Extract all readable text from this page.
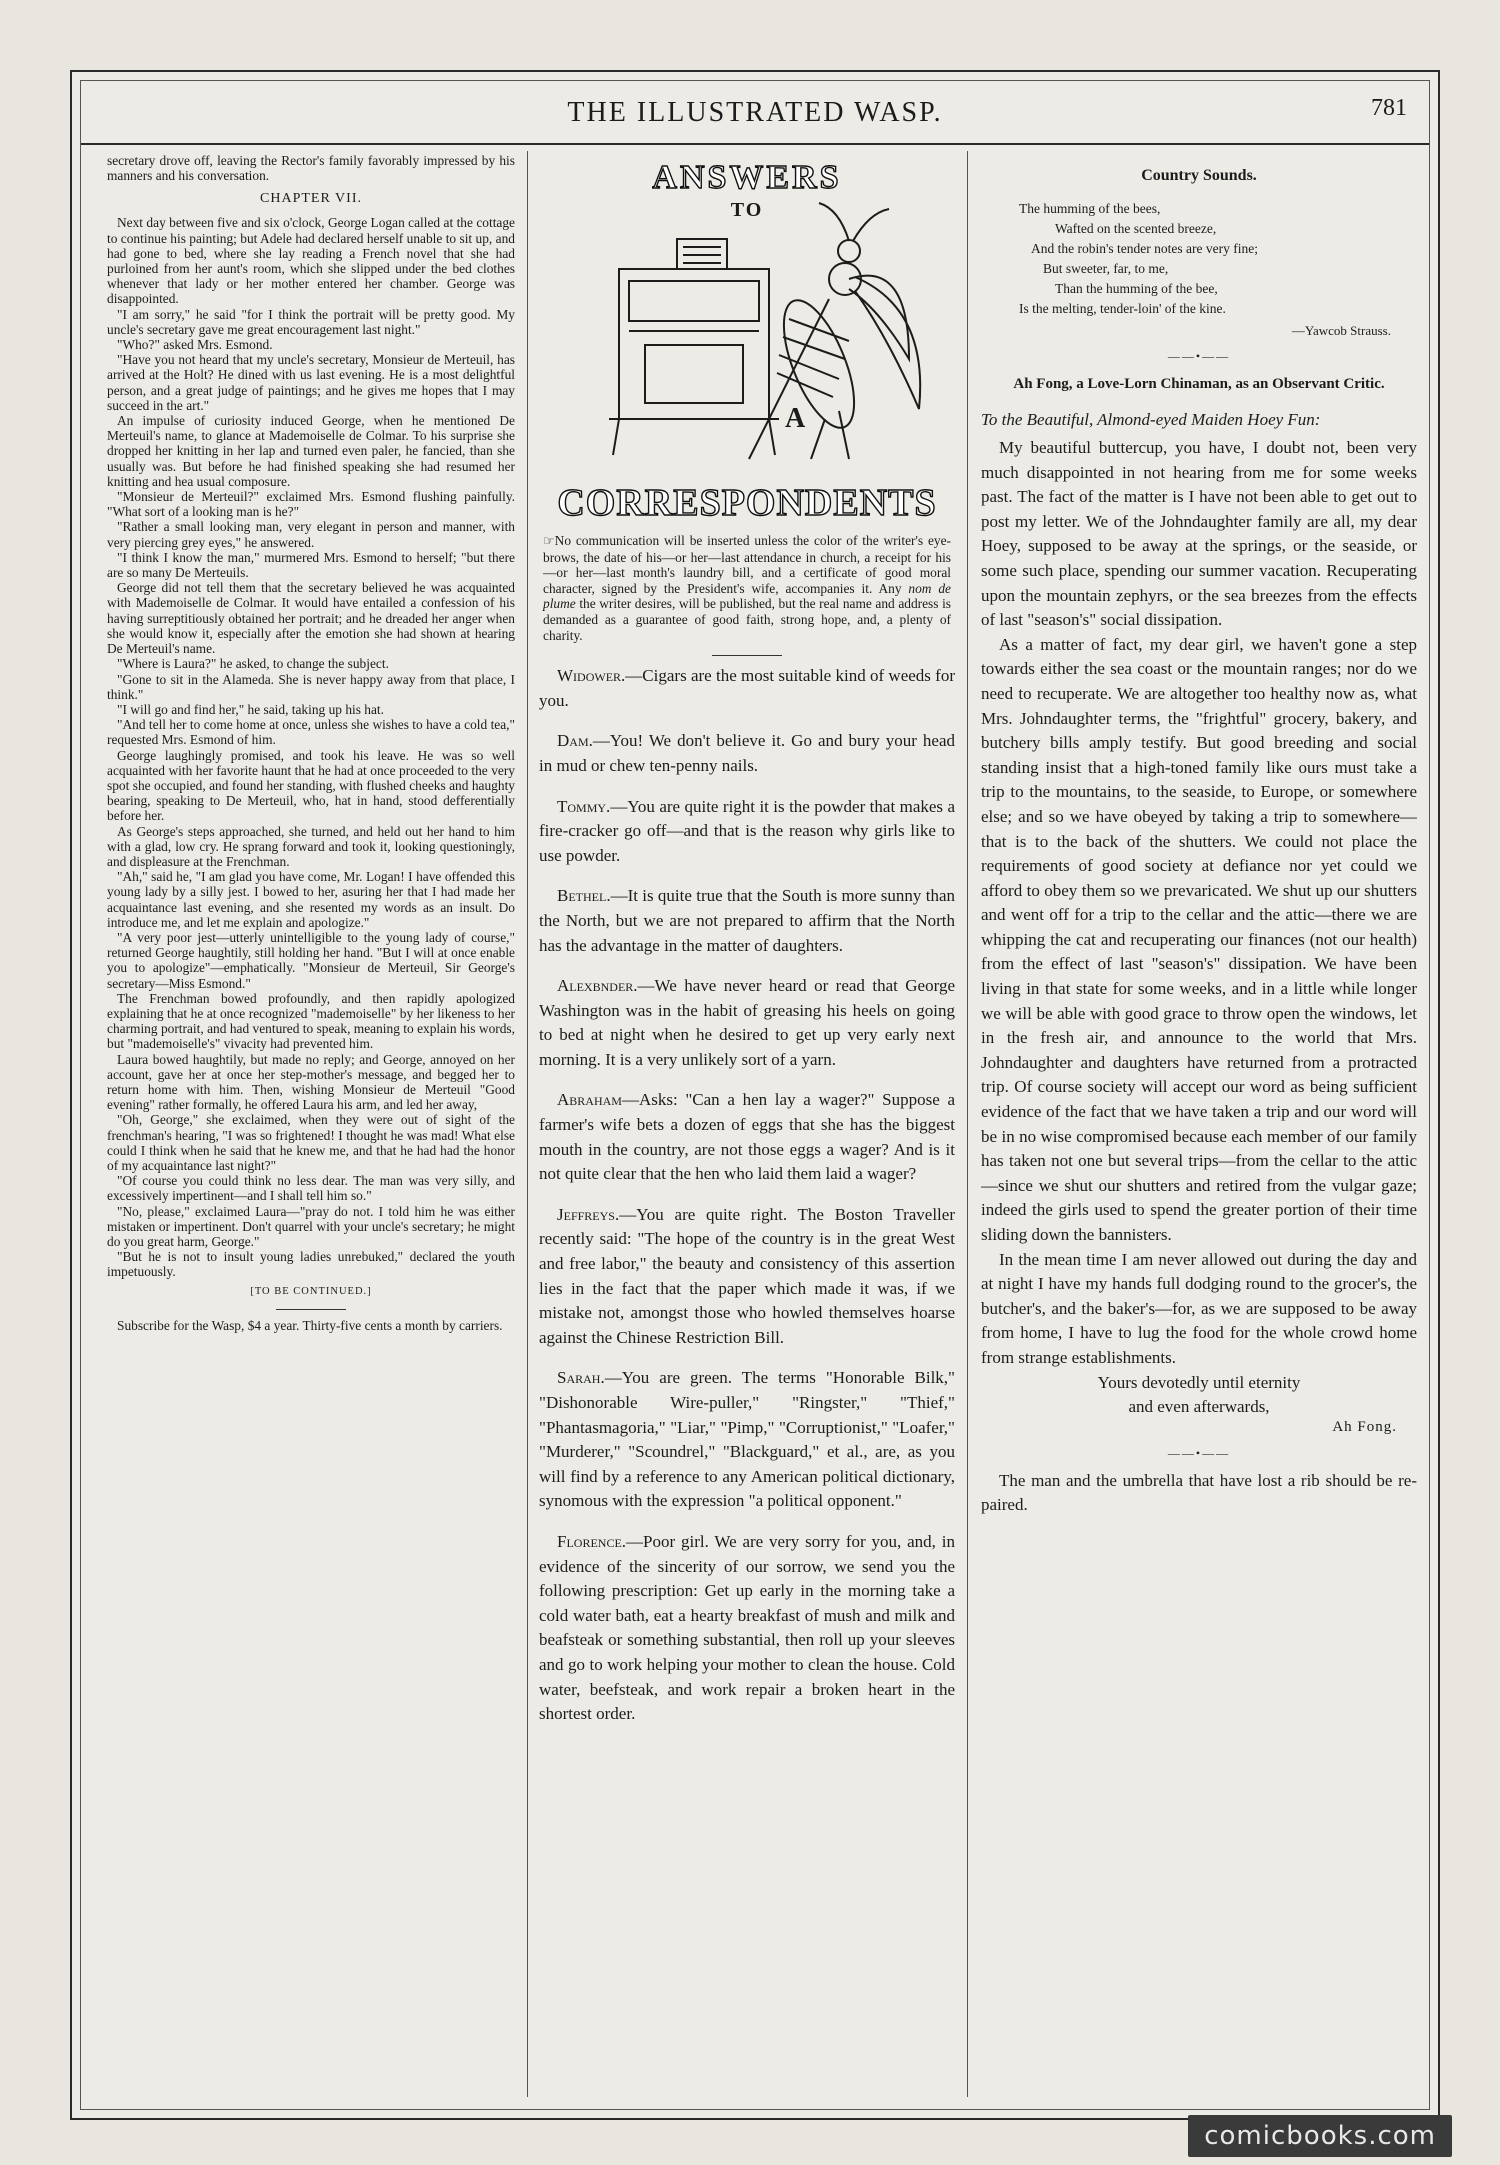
THE ILLUSTRATED WASP.	781

secretary drove off, leaving the Rector's family favorably impressed by his manners and his conversation.

CHAPTER VII.

Next day between five and six o'clock, George Logan called at the cottage to continue his painting; but Adele had declared herself unable to sit up, and had gone to bed, where she lay reading a French novel that she had purloined from her aunt's room, which she slipped under the bed clothes whenever that lady or her mother entered her chamber. George was disappointed.

"I am sorry," he said "for I think the portrait will be pretty good. My uncle's secretary gave me great encouragement last night."

"Who?" asked Mrs. Esmond.

"Have you not heard that my uncle's secretary, Monsieur de Merteuil, has arrived at the Holt? He dined with us last evening. He is a most delightful person, and a great judge of paintings; and he gives me hopes that I may succeed in the art."

An impulse of curiosity induced George, when he mentioned De Merteuil's name, to glance at Mademoiselle de Colmar. To his surprise she dropped her knitting in her lap and turned even paler, he fancied, than she usually was. But before he had finished speaking she had resumed her knitting and hea usual composure.

"Monsieur de Merteuil?" exclaimed Mrs. Esmond flushing painfully. "What sort of a looking man is he?"

"Rather a small looking man, very elegant in person and manner, with very piercing grey eyes," he answered.

"I think I know the man," murmered Mrs. Esmond to herself; "but there are so many De Merteuils.

George did not tell them that the secretary believed he was acquainted with Mademoiselle de Colmar. It would have entailed a confession of his having surreptitiously obtained her portrait; and he dreaded her anger when she would know it, especially after the emotion she had shown at hearing De Merteuil's name.

"Where is Laura?" he asked, to change the subject.

"Gone to sit in the Alameda. She is never happy away from that place, I think."

"I will go and find her," he said, taking up his hat.

"And tell her to come home at once, unless she wishes to have a cold tea," requested Mrs. Esmond of him.

George laughingly promised, and took his leave. He was so well acquainted with her favorite haunt that he had at once proceeded to the very spot she occupied, and found her standing, with flushed cheeks and haughty bearing, speaking to De Merteuil, who, hat in hand, stood defferentially before her.

As George's steps approached, she turned, and held out her hand to him with a glad, low cry. He sprang forward and took it, looking questioningly, and displeasure at the Frenchman.

"Ah," said he, "I am glad you have come, Mr. Logan! I have offended this young lady by a silly jest. I bowed to her, asuring her that I had made her acquaintance last evening, and she resented my words as an insult. Do introduce me, and let me explain and apologize."

"A very poor jest—utterly unintelligible to the young lady of course," returned George haughtily, still holding her hand. "But I will at once enable you to apologize"—emphatically. "Monsieur de Merteuil, Sir George's secretary—Miss Esmond."

The Frenchman bowed profoundly, and then rapidly apologized explaining that he at once recognized "mademoiselle" by her likeness to her charming portrait, and had ventured to speak, meaning to explain his words, but "mademoiselle's" vivacity had prevented him.

Laura bowed haughtily, but made no reply; and George, annoyed on her account, gave her at once her step-mother's message, and begged her to return home with him. Then, wishing Monsieur de Merteuil "Good evening" rather formally, he offered Laura his arm, and led her away,

"Oh, George," she exclaimed, when they were out of sight of the frenchman's hearing, "I was so frightened! I thought he was mad! What else could I think when he said that he knew me, and that he had had the honor of my acquaintance last night?"

"Of course you could think no less dear. The man was very silly, and excessively impertinent—and I shall tell him so."

"No, please," exclaimed Laura—"pray do not. I told him he was either mistaken or impertinent. Don't quarrel with your uncle's secretary; he might do you great harm, George."

"But he is not to insult young ladies unrebuked," declared the youth impetuously.

[TO BE CONTINUED.]

Subscribe for the Wasp, $4 a year. Thirty-five cents a month by carriers.

ANSWERS
TO
A
CORRESPONDENTS

☞No communication will be inserted unless the color of the writer's eye-brows, the date of his—or her—last attendance in church, a receipt for his—or her—last month's laundry bill, and a certificate of good moral character, signed by the President's wife, accompanies it. Any nom de plume the writer desires, will be published, but the real name and address is demanded as a guarantee of good faith, strong hope, and, a plenty of charity.

Widower.—Cigars are the most suitable kind of weeds for you.

Dam.—You! We don't believe it. Go and bury your head in mud or chew ten-penny nails.

Tommy.—You are quite right it is the powder that makes a fire-cracker go off—and that is the reason why girls like to use powder.

Bethel.—It is quite true that the South is more sunny than the North, but we are not prepared to affirm that the North has the advantage in the matter of daughters.

Alexbnder.—We have never heard or read that George Washington was in the habit of greasing his heels on going to bed at night when he desired to get up very early next morning. It is a very unlikely sort of a yarn.

Abraham—Asks: "Can a hen lay a wager?" Suppose a farmer's wife bets a dozen of eggs that she has the biggest mouth in the country, are not those eggs a wager? And is it not quite clear that the hen who laid them laid a wager?

Jeffreys.—You are quite right. The Boston Traveller recently said: "The hope of the country is in the great West and free labor," the beauty and consistency of this assertion lies in the fact that the paper which made it was, if we mistake not, amongst those who howled themselves hoarse against the Chinese Restriction Bill.

Sarah.—You are green. The terms "Honorable Bilk," "Dishonorable Wire-puller," "Ringster," "Thief," "Phantasmagoria," "Liar," "Pimp," "Corruptionist," "Loafer," "Murderer," "Scoundrel," "Blackguard," et al., are, as you will find by a reference to any American political dictionary, synomous with the expression "a political opponent."

Florence.—Poor girl. We are very sorry for you, and, in evidence of the sincerity of our sorrow, we send you the following prescription: Get up early in the morning take a cold water bath, eat a hearty breakfast of mush and milk and beafsteak or something substantial, then roll up your sleeves and go to work helping your mother to clean the house. Cold water, beefsteak, and work repair a broken heart in the shortest order.

Country Sounds.
The humming of the bees,
Wafted on the scented breeze,
And the robin's tender notes are very fine;
But sweeter, far, to me,
Than the humming of the bee,
Is the melting, tender-loin' of the kine.
—Yawcob Strauss.
——•——
Ah Fong, a Love-Lorn Chinaman, as an Observant Critic.
To the Beautiful, Almond-eyed Maiden Hoey Fun:

My beautiful buttercup, you have, I doubt not, been very much disappointed in not hearing from me for some weeks past. The fact of the matter is I have not been able to get out to post my letter. We of the Johndaughter family are all, my dear Hoey, supposed to be away at the springs, or the seaside, or some such place, spending our summer vacation. Recuperating upon the mountain zephyrs, or the sea breezes from the effects of last "season's" social dissipation.

As a matter of fact, my dear girl, we haven't gone a step towards either the sea coast or the mountain ranges; nor do we need to recuperate. We are altogether too healthy now as, what Mrs. Johndaughter terms, the "frightful" grocery, bakery, and butchery bills amply testify. But good breeding and social standing insist that a high-toned family like ours must take a trip to the mountains, to the seaside, to Europe, or somewhere else; and so we have obeyed by taking a trip to somewhere—that is to the back of the shutters. We could not place the requirements of good society at defiance nor yet could we afford to obey them so we prevaricated. We shut up our shutters and went off for a trip to the cellar and the attic—there we are whipping the cat and recuperating our finances (not our health) from the effect of last "season's" dissipation. We have been living in that state for some weeks, and in a little while longer we will be able with good grace to throw open the windows, let in the fresh air, and announce to the world that Mrs. Johndaughter and daughters have returned from a protracted trip. Of course society will accept our word as being sufficient evidence of the fact that we have taken a trip and our word will be in no wise compromised because each member of our family has taken not one but several trips—from the cellar to the attic—since we shut our shutters and retired from the vulgar gaze; indeed the girls used to spend the greater portion of their time sliding down the bannisters.

In the mean time I am never allowed out during the day and at night I have my hands full dodging round to the grocer's, the butcher's, and the baker's—for, as we are supposed to be away from home, I have to lug the food for the whole crowd home from strange establishments.

Yours devotedly until eternity
and even afterwards,
Ah Fong.
——•——

The man and the umbrella that have lost a rib should be re-paired.

comicbooks.com
